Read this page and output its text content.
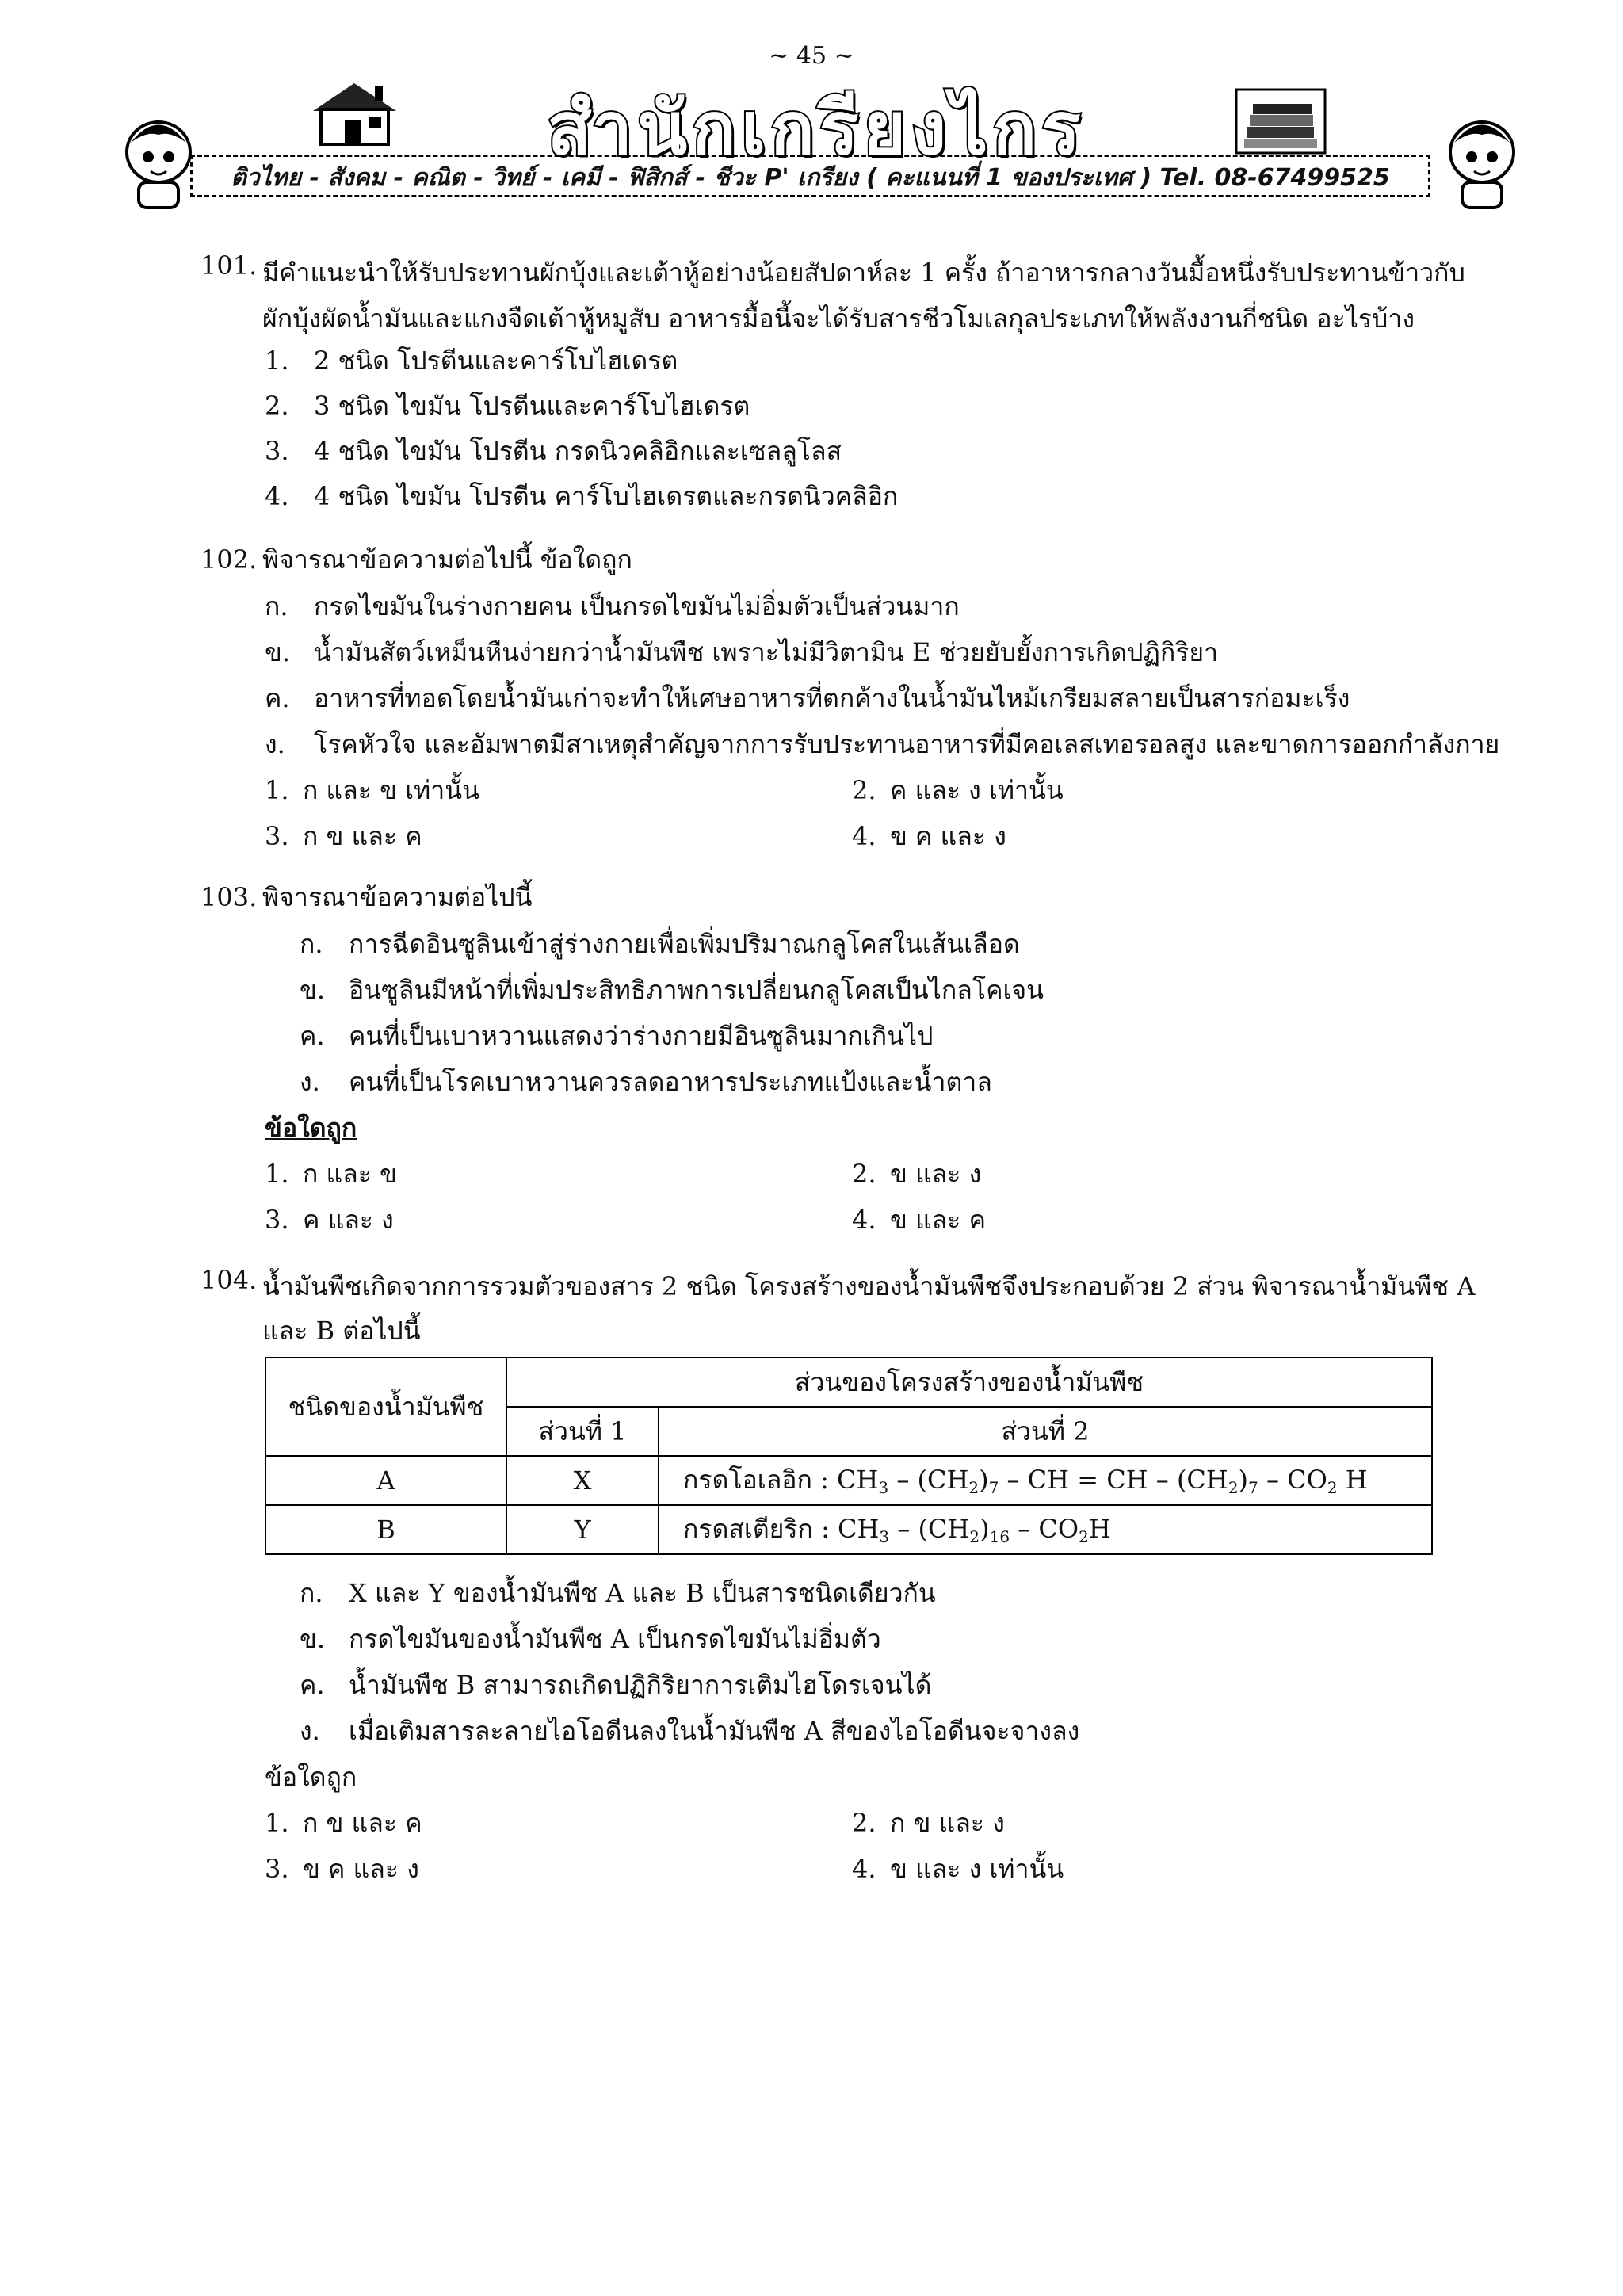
~ 45 ~
สำนักเกรียงไกร
ติวไทย - สังคม - คณิต - วิทย์ - เคมี - ฟิสิกส์ - ชีวะ P' เกรียง ( คะแนนที่ 1 ของประเทศ ) Tel. 08-67499525
101. มีคำแนะนำให้รับประทานผักบุ้งและเต้าหู้อย่างน้อยสัปดาห์ละ 1 ครั้ง ถ้าอาหารกลางวันมื้อหนึ่งรับประทานข้าวกับผักบุ้งผัดน้ำมันและแกงจืดเต้าหู้หมูสับ อาหารมื้อนี้จะได้รับสารชีวโมเลกุลประเภทให้พลังงานกี่ชนิด อะไรบ้าง
1. 2 ชนิด โปรตีนและคาร์โบไฮเดรต
2. 3 ชนิด ไขมัน โปรตีนและคาร์โบไฮเดรต
3. 4 ชนิด ไขมัน โปรตีน กรดนิวคลิอิกและเซลลูโลส
4. 4 ชนิด ไขมัน โปรตีน คาร์โบไฮเดรตและกรดนิวคลิอิก
102. พิจารณาข้อความต่อไปนี้ ข้อใดถูก
ก. กรดไขมันในร่างกายคน เป็นกรดไขมันไม่อิ่มตัวเป็นส่วนมาก
ข. น้ำมันสัตว์เหม็นหืนง่ายกว่าน้ำมันพืช เพราะไม่มีวิตามิน E ช่วยยับยั้งการเกิดปฏิกิริยา
ค. อาหารที่ทอดโดยน้ำมันเก่าจะทำให้เศษอาหารที่ตกค้างในน้ำมันไหม้เกรียมสลายเป็นสารก่อมะเร็ง
ง. โรคหัวใจ และอัมพาตมีสาเหตุสำคัญจากการรับประทานอาหารที่มีคอเลสเทอรอลสูง และขาดการออกกำลังกาย
1. ก และ ข เท่านั้น	2. ค และ ง เท่านั้น
3. ก ข และ ค	4. ข ค และ ง
103. พิจารณาข้อความต่อไปนี้
ก. การฉีดอินซูลินเข้าสู่ร่างกายเพื่อเพิ่มปริมาณกลูโคสในเส้นเลือด
ข. อินซูลินมีหน้าที่เพิ่มประสิทธิภาพการเปลี่ยนกลูโคสเป็นไกลโคเจน
ค. คนที่เป็นเบาหวานแสดงว่าร่างกายมีอินซูลินมากเกินไป
ง. คนที่เป็นโรคเบาหวานควรลดอาหารประเภทแป้งและน้ำตาล
ข้อใดถูก
1. ก และ ข	2. ข และ ง
3. ค และ ง	4. ข และ ค
104. น้ำมันพืชเกิดจากการรวมตัวของสาร 2 ชนิด โครงสร้างของน้ำมันพืชจึงประกอบด้วย 2 ส่วน พิจารณาน้ำมันพืช A และ B ต่อไปนี้
ชนิดของน้ำมันพืช	ส่วนของโครงสร้างของน้ำมันพืช	
	ส่วนที่ 1	ส่วนที่ 2
A	X	กรดโอเลอิก : $CH_3 - (CH_2)_7$ – CH = CH – $(CH_2)_7 - CO_2$ H
B	Y	กรดสเตียริก : $CH_3 - (CH_2)_{16} - CO_2H$
ก. X และ Y ของน้ำมันพืช A และ B เป็นสารชนิดเดียวกัน
ข. กรดไขมันของน้ำมันพืช A เป็นกรดไขมันไม่อิ่มตัว
ค. น้ำมันพืช B สามารถเกิดปฏิกิริยาการเติมไฮโดรเจนได้
ง. เมื่อเติมสารละลายไอโอดีนลงในน้ำมันพืช A สีของไอโอดีนจะจางลง
ข้อใดถูก
1. ก ข และ ค	2. ก ข และ ง
3. ข ค และ ง	4. ข และ ง เท่านั้น
